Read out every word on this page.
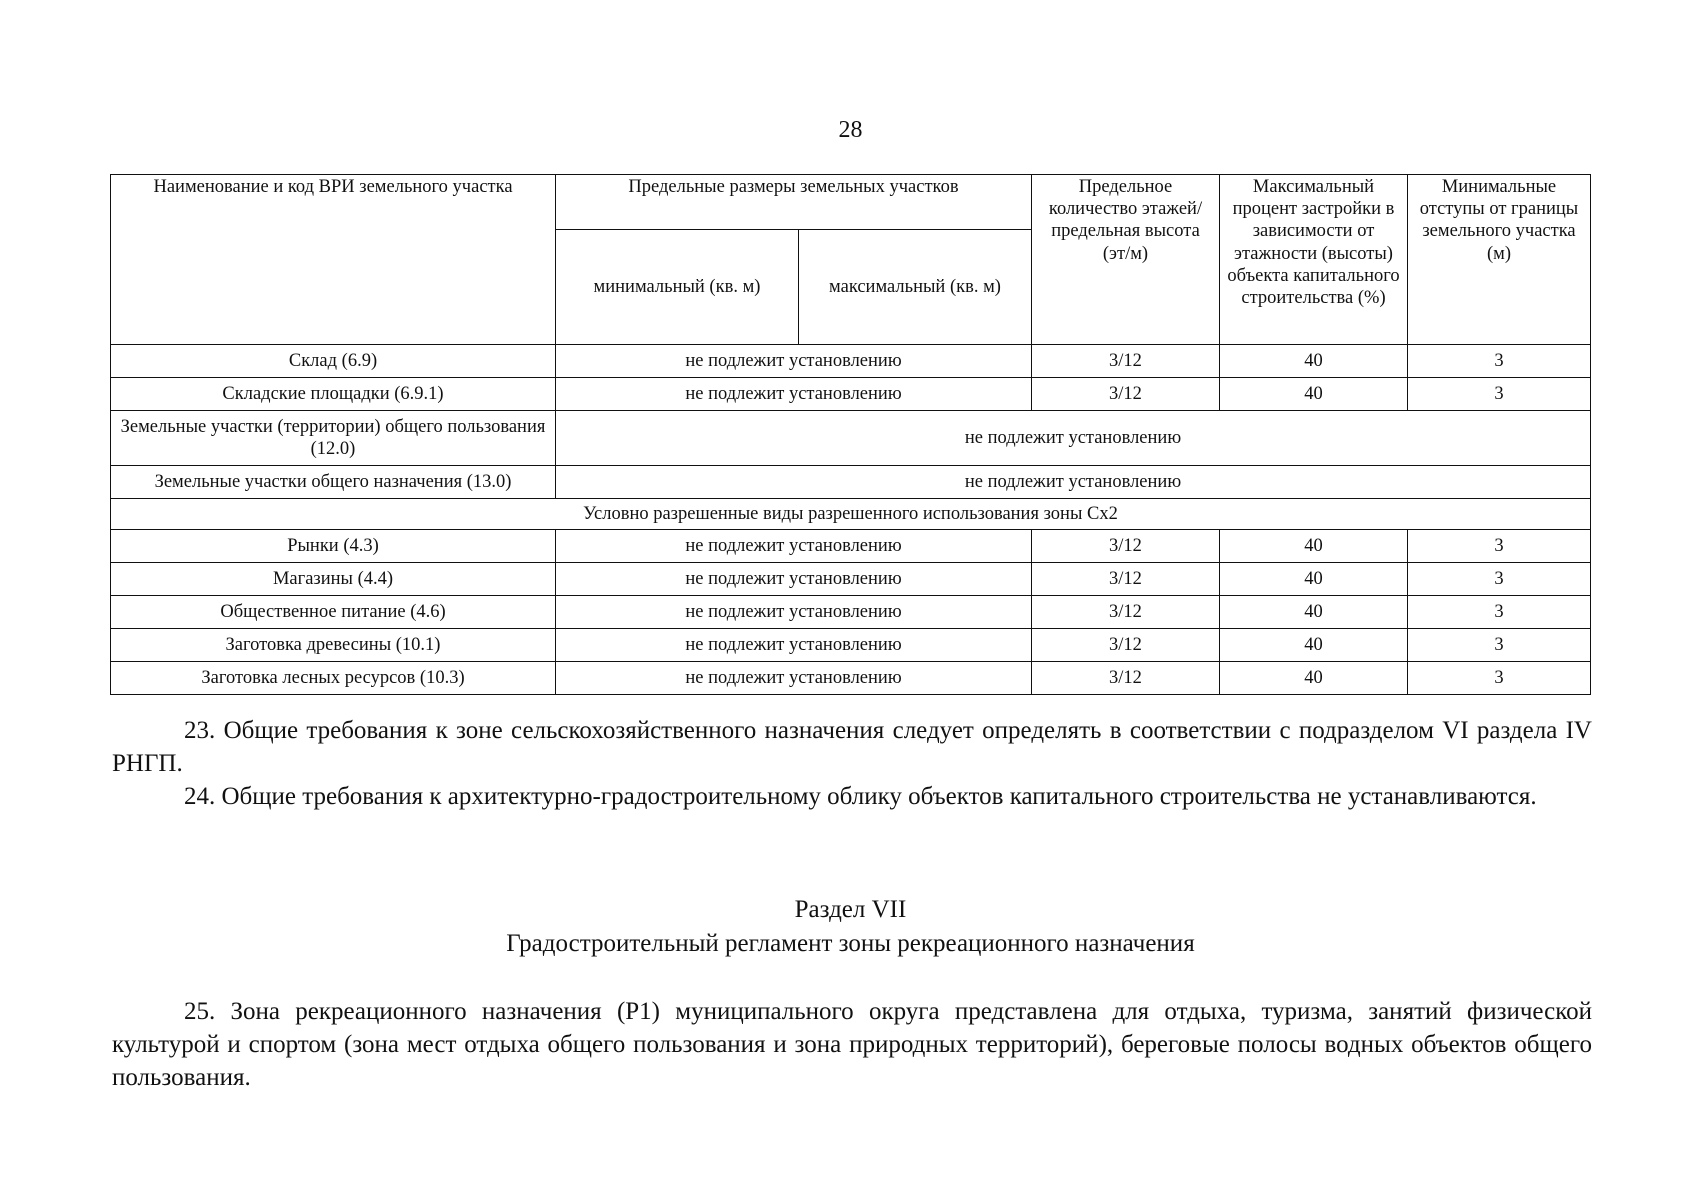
28
Наименование и код ВРИ земельного участка	Предельные размеры земельных участков		Предельное количество этажей/ предельная высота (эт/м)	Максимальный процент застройки в зависимости от этажности (высоты) объекта капитального строительства (%)	Минимальные отступы от границы земельного участка (м)
	минимальный (кв. м)	максимальный (кв. м)			
Склад (6.9)	не подлежит установлению		3/12	40	3
Складские площадки (6.9.1)	не подлежит установлению		3/12	40	3
Земельные участки (территории) общего пользования (12.0)	не подлежит установлению				
Земельные участки общего назначения (13.0)	не подлежит установлению				
Условно разрешенные виды разрешенного использования зоны Сх2					
Рынки (4.3)	не подлежит установлению		3/12	40	3
Магазины (4.4)	не подлежит установлению		3/12	40	3
Общественное питание (4.6)	не подлежит установлению		3/12	40	3
Заготовка древесины (10.1)	не подлежит установлению		3/12	40	3
Заготовка лесных ресурсов (10.3)	не подлежит установлению		3/12	40	3

23. Общие требования к зоне сельскохозяйственного назначения следует определять в соответствии с подразделом VI раздела IV РНГП.

24. Общие требования к архитектурно-градостроительному облику объектов капитального строительства не устанавливаются.

Раздел VII
Градостроительный регламент зоны рекреационного назначения

25. Зона рекреационного назначения (Р1) муниципального округа представлена для отдыха, туризма, занятий физической культурой и спортом (зона мест отдыха общего пользования и зона природных территорий), береговые полосы водных объектов общего пользования.
